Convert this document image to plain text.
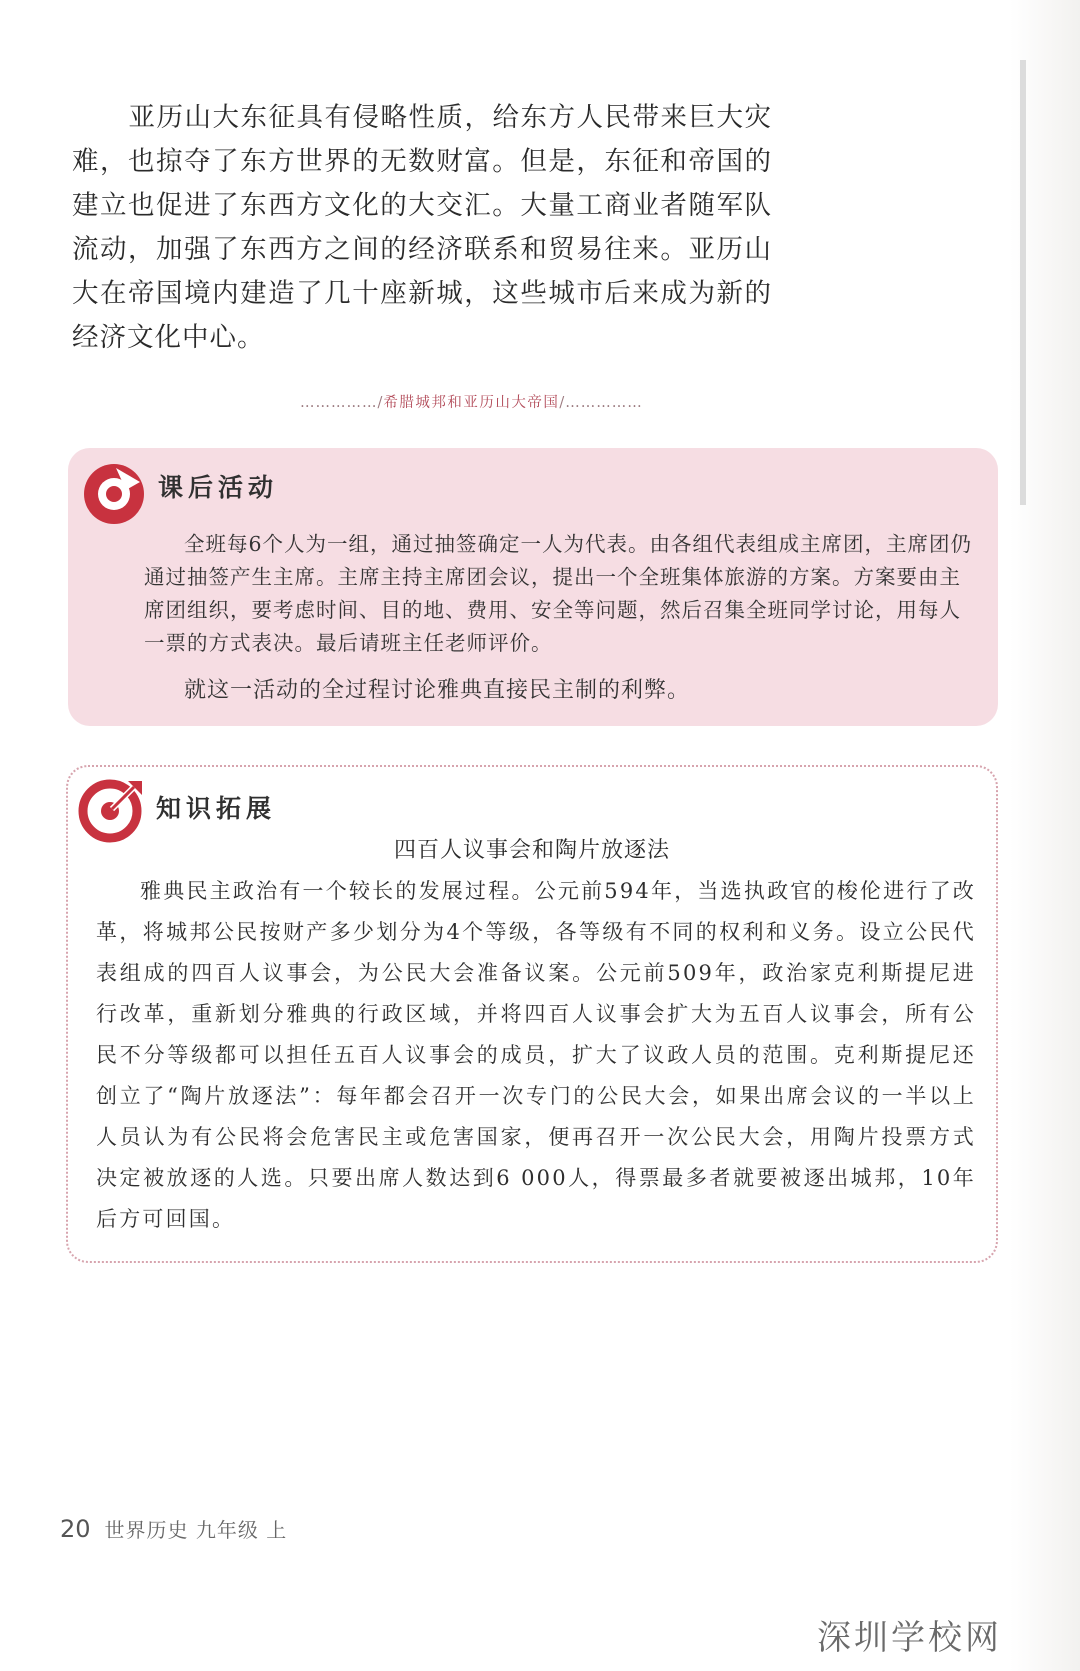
亚历山大东征具有侵略性质，给东方人民带来巨大灾难，也掠夺了东方世界的无数财富。但是，东征和帝国的建立也促进了东西方文化的大交汇。大量工商业者随军队流动，加强了东西方之间的经济联系和贸易往来。亚历山大在帝国境内建造了几十座新城，这些城市后来成为新的经济文化中心。

……………/希腊城邦和亚历山大帝国/……………
课后活动

全班每6个人为一组，通过抽签确定一人为代表。由各组代表组成主席团，主席团仍通过抽签产生主席。主席主持主席团会议，提出一个全班集体旅游的方案。方案要由主席团组织，要考虑时间、目的地、费用、安全等问题，然后召集全班同学讨论，用每人一票的方式表决。最后请班主任老师评价。

就这一活动的全过程讨论雅典直接民主制的利弊。

知识拓展
四百人议事会和陶片放逐法

雅典民主政治有一个较长的发展过程。公元前594年，当选执政官的梭伦进行了改革，将城邦公民按财产多少划分为4个等级，各等级有不同的权利和义务。设立公民代表组成的四百人议事会，为公民大会准备议案。公元前509年，政治家克利斯提尼进行改革，重新划分雅典的行政区域，并将四百人议事会扩大为五百人议事会，所有公民不分等级都可以担任五百人议事会的成员，扩大了议政人员的范围。克利斯提尼还创立了“陶片放逐法”：每年都会召开一次专门的公民大会，如果出席会议的一半以上人员认为有公民将会危害民主或危害国家，便再召开一次公民大会，用陶片投票方式决定被放逐的人选。只要出席人数达到6 000人，得票最多者就要被逐出城邦，10年后方可回国。

20 世界历史 九年级 上
深圳学校网
